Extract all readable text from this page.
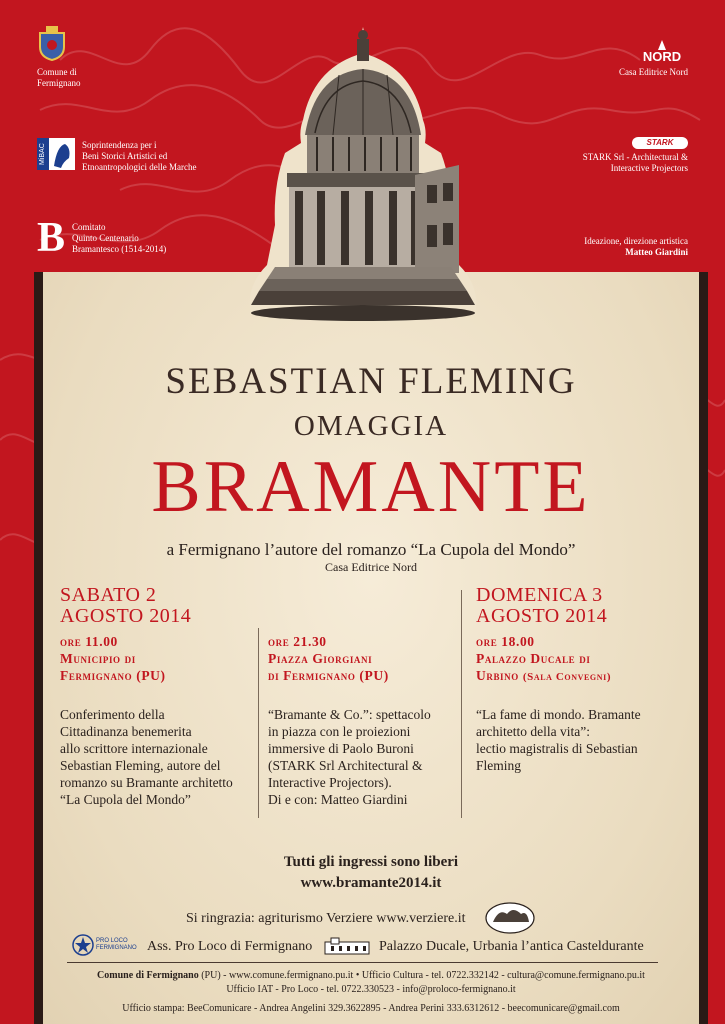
Comune di
Fermignano
MiBAC	Soprintendenza per i
Beni Storici Artistici ed
Etnoantropologici delle Marche
B Comitato
Quinto Centenario
Bramantesco (1514-2014)
NORD
Casa Editrice Nord
STARK
STARK Srl - Architectural &
Interactive Projectors
Ideazione, direzione artistica
Matteo Giardini
SEBASTIAN FLEMING
OMAGGIA
BRAMANTE
a Fermignano l’autore del romanzo “La Cupola del Mondo”
Casa Editrice Nord
SABATO 2
AGOSTO 2014
ore 11.00
Municipio di
Fermignano (PU)
Conferimento della
Cittadinanza benemerita
allo scrittore internazionale
Sebastian Fleming, autore del
romanzo su Bramante architetto
“La Cupola del Mondo”
ore 21.30
Piazza Giorgiani
di Fermignano (PU)
“Bramante & Co.”: spettacolo
in piazza con le proiezioni
immersive di Paolo Buroni
(STARK Srl Architectural &
Interactive Projectors).
Di e con: Matteo Giardini
DOMENICA 3
AGOSTO 2014
ore 18.00
Palazzo Ducale di
Urbino (Sala Convegni)
“La fame di mondo. Bramante
architetto della vita”:
lectio magistralis di Sebastian
Fleming
Tutti gli ingressi sono liberi
www.bramante2014.it
Si ringrazia: agriturismo Verziere www.verziere.it
PRO LOCO FERMIGNANO Ass. Pro Loco di Fermignano	Palazzo Ducale, Urbania l’antica Casteldurante
Comune di Fermignano (PU) - www.comune.fermignano.pu.it • Ufficio Cultura - tel. 0722.332142 - cultura@comune.fermignano.pu.it
Ufficio IAT - Pro Loco - tel. 0722.330523 - info@proloco-fermignano.it
Ufficio stampa: BeeComunicare - Andrea Angelini 329.3622895 - Andrea Perini 333.6312612 - beecomunicare@gmail.com
